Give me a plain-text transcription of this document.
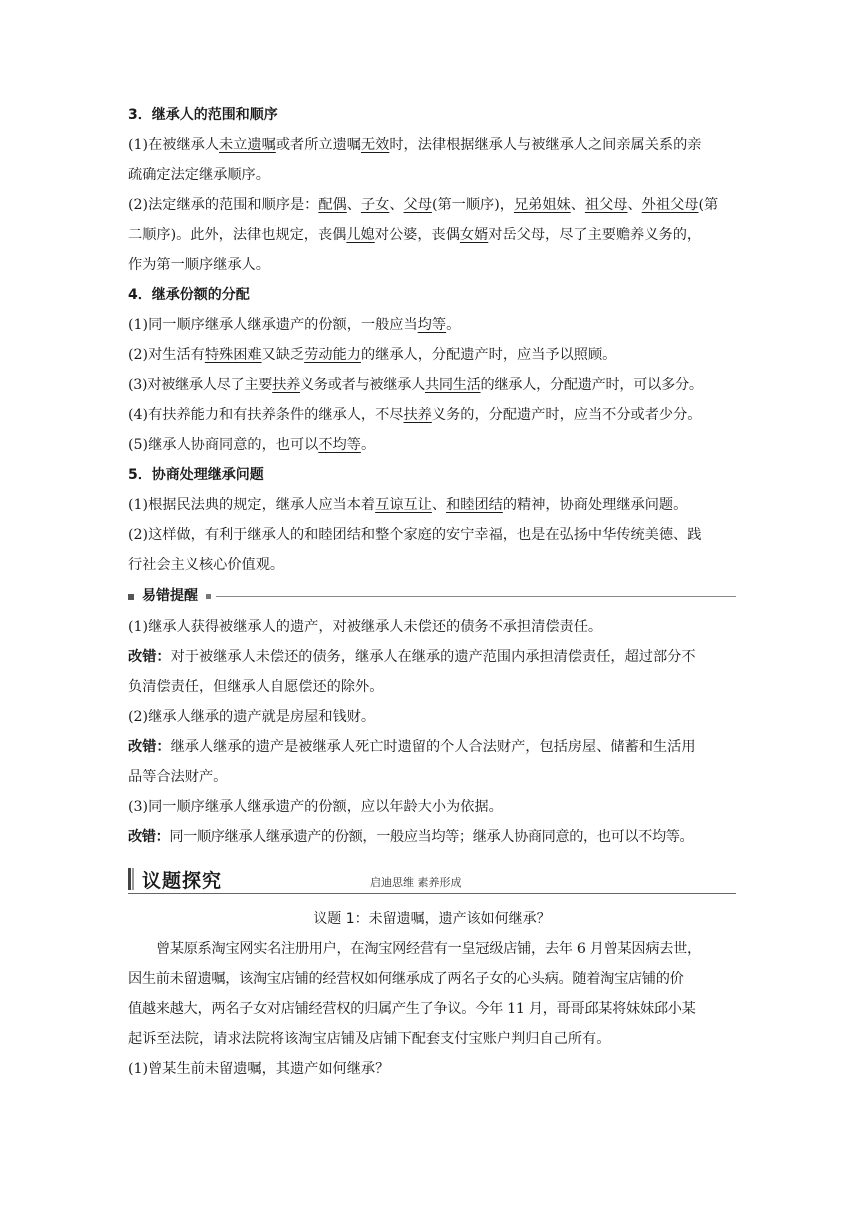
3．继承人的范围和顺序
(1)在被继承人未立遗嘱或者所立遗嘱无效时，法律根据继承人与被继承人之间亲属关系的亲
疏确定法定继承顺序。
(2)法定继承的范围和顺序是：配偶、子女、父母(第一顺序)，兄弟姐妹、祖父母、外祖父母(第
二顺序)。此外，法律也规定，丧偶儿媳对公婆，丧偶女婿对岳父母，尽了主要赡养义务的，
作为第一顺序继承人。
4．继承份额的分配
(1)同一顺序继承人继承遗产的份额，一般应当均等。
(2)对生活有特殊困难又缺乏劳动能力的继承人，分配遗产时，应当予以照顾。
(3)对被继承人尽了主要扶养义务或者与被继承人共同生活的继承人，分配遗产时，可以多分。
(4)有扶养能力和有扶养条件的继承人，不尽扶养义务的，分配遗产时，应当不分或者少分。
(5)继承人协商同意的，也可以不均等。
5．协商处理继承问题
(1)根据民法典的规定，继承人应当本着互谅互让、和睦团结的精神，协商处理继承问题。
(2)这样做，有利于继承人的和睦团结和整个家庭的安宁幸福，也是在弘扬中华传统美德、践
行社会主义核心价值观。
易错提醒
(1)继承人获得被继承人的遗产，对被继承人未偿还的债务不承担清偿责任。
改错：对于被继承人未偿还的债务，继承人在继承的遗产范围内承担清偿责任，超过部分不
负清偿责任，但继承人自愿偿还的除外。
(2)继承人继承的遗产就是房屋和钱财。
改错：继承人继承的遗产是被继承人死亡时遗留的个人合法财产，包括房屋、储蓄和生活用
品等合法财产。
(3)同一顺序继承人继承遗产的份额，应以年龄大小为依据。
改错：同一顺序继承人继承遗产的份额，一般应当均等；继承人协商同意的，也可以不均等。
议题探究	启迪思维 素养形成
议题 1：未留遗嘱，遗产该如何继承？
曾某原系淘宝网实名注册用户，在淘宝网经营有一皇冠级店铺，去年 6 月曾某因病去世，
因生前未留遗嘱，该淘宝店铺的经营权如何继承成了两名子女的心头病。随着淘宝店铺的价
值越来越大，两名子女对店铺经营权的归属产生了争议。今年 11 月，哥哥邱某将妹妹邱小某
起诉至法院，请求法院将该淘宝店铺及店铺下配套支付宝账户判归自己所有。
(1)曾某生前未留遗嘱，其遗产如何继承？
